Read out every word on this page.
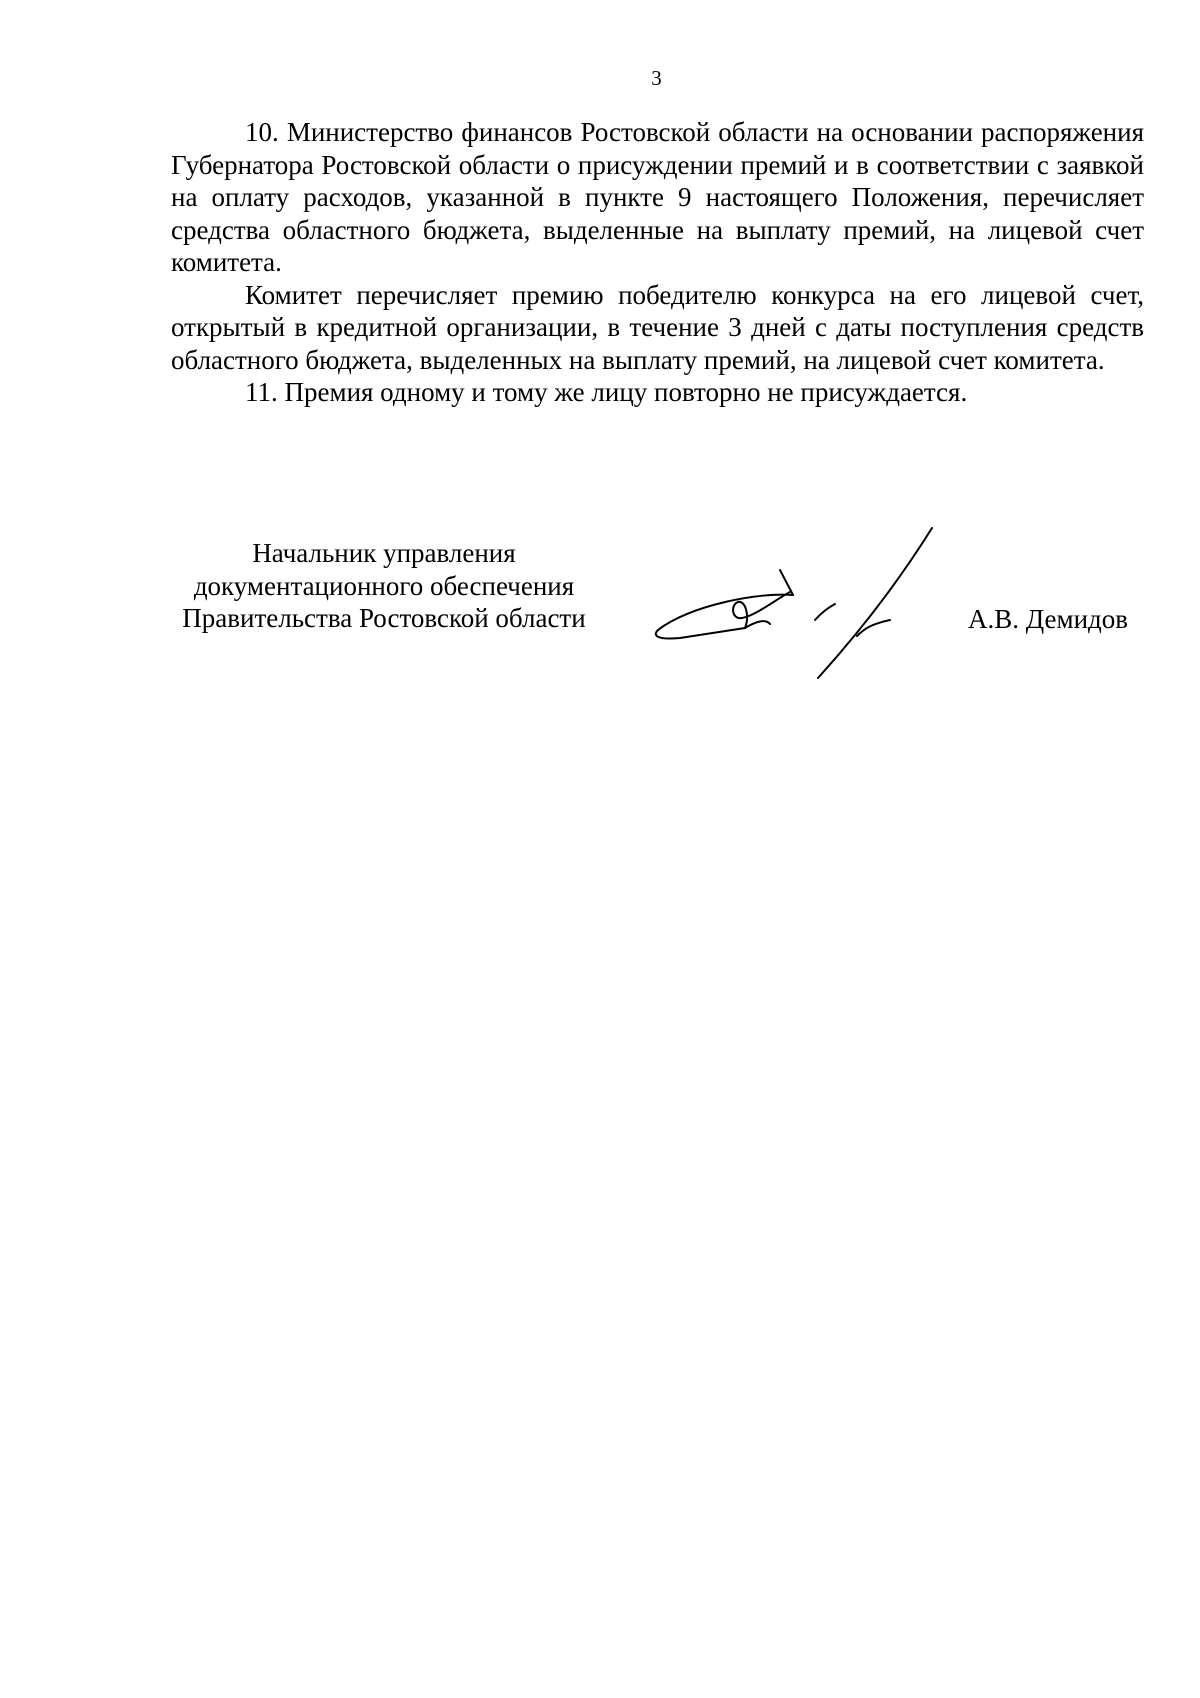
3

10. Министерство финансов Ростовской области на основании распоряжения Губернатора Ростовской области о присуждении премий и в соответствии с заявкой на оплату расходов, указанной в пункте 9 настоящего Положения, перечисляет средства областного бюджета, выделенные на выплату премий, на лицевой счет комитета.

Комитет перечисляет премию победителю конкурса на его лицевой счет, открытый в кредитной организации, в течение 3 дней с даты поступления средств областного бюджета, выделенных на выплату премий, на лицевой счет комитета.

11. Премия одному и тому же лицу повторно не присуждается.

Начальник управления
документационного обеспечения
Правительства Ростовской области	А.В. Демидов
